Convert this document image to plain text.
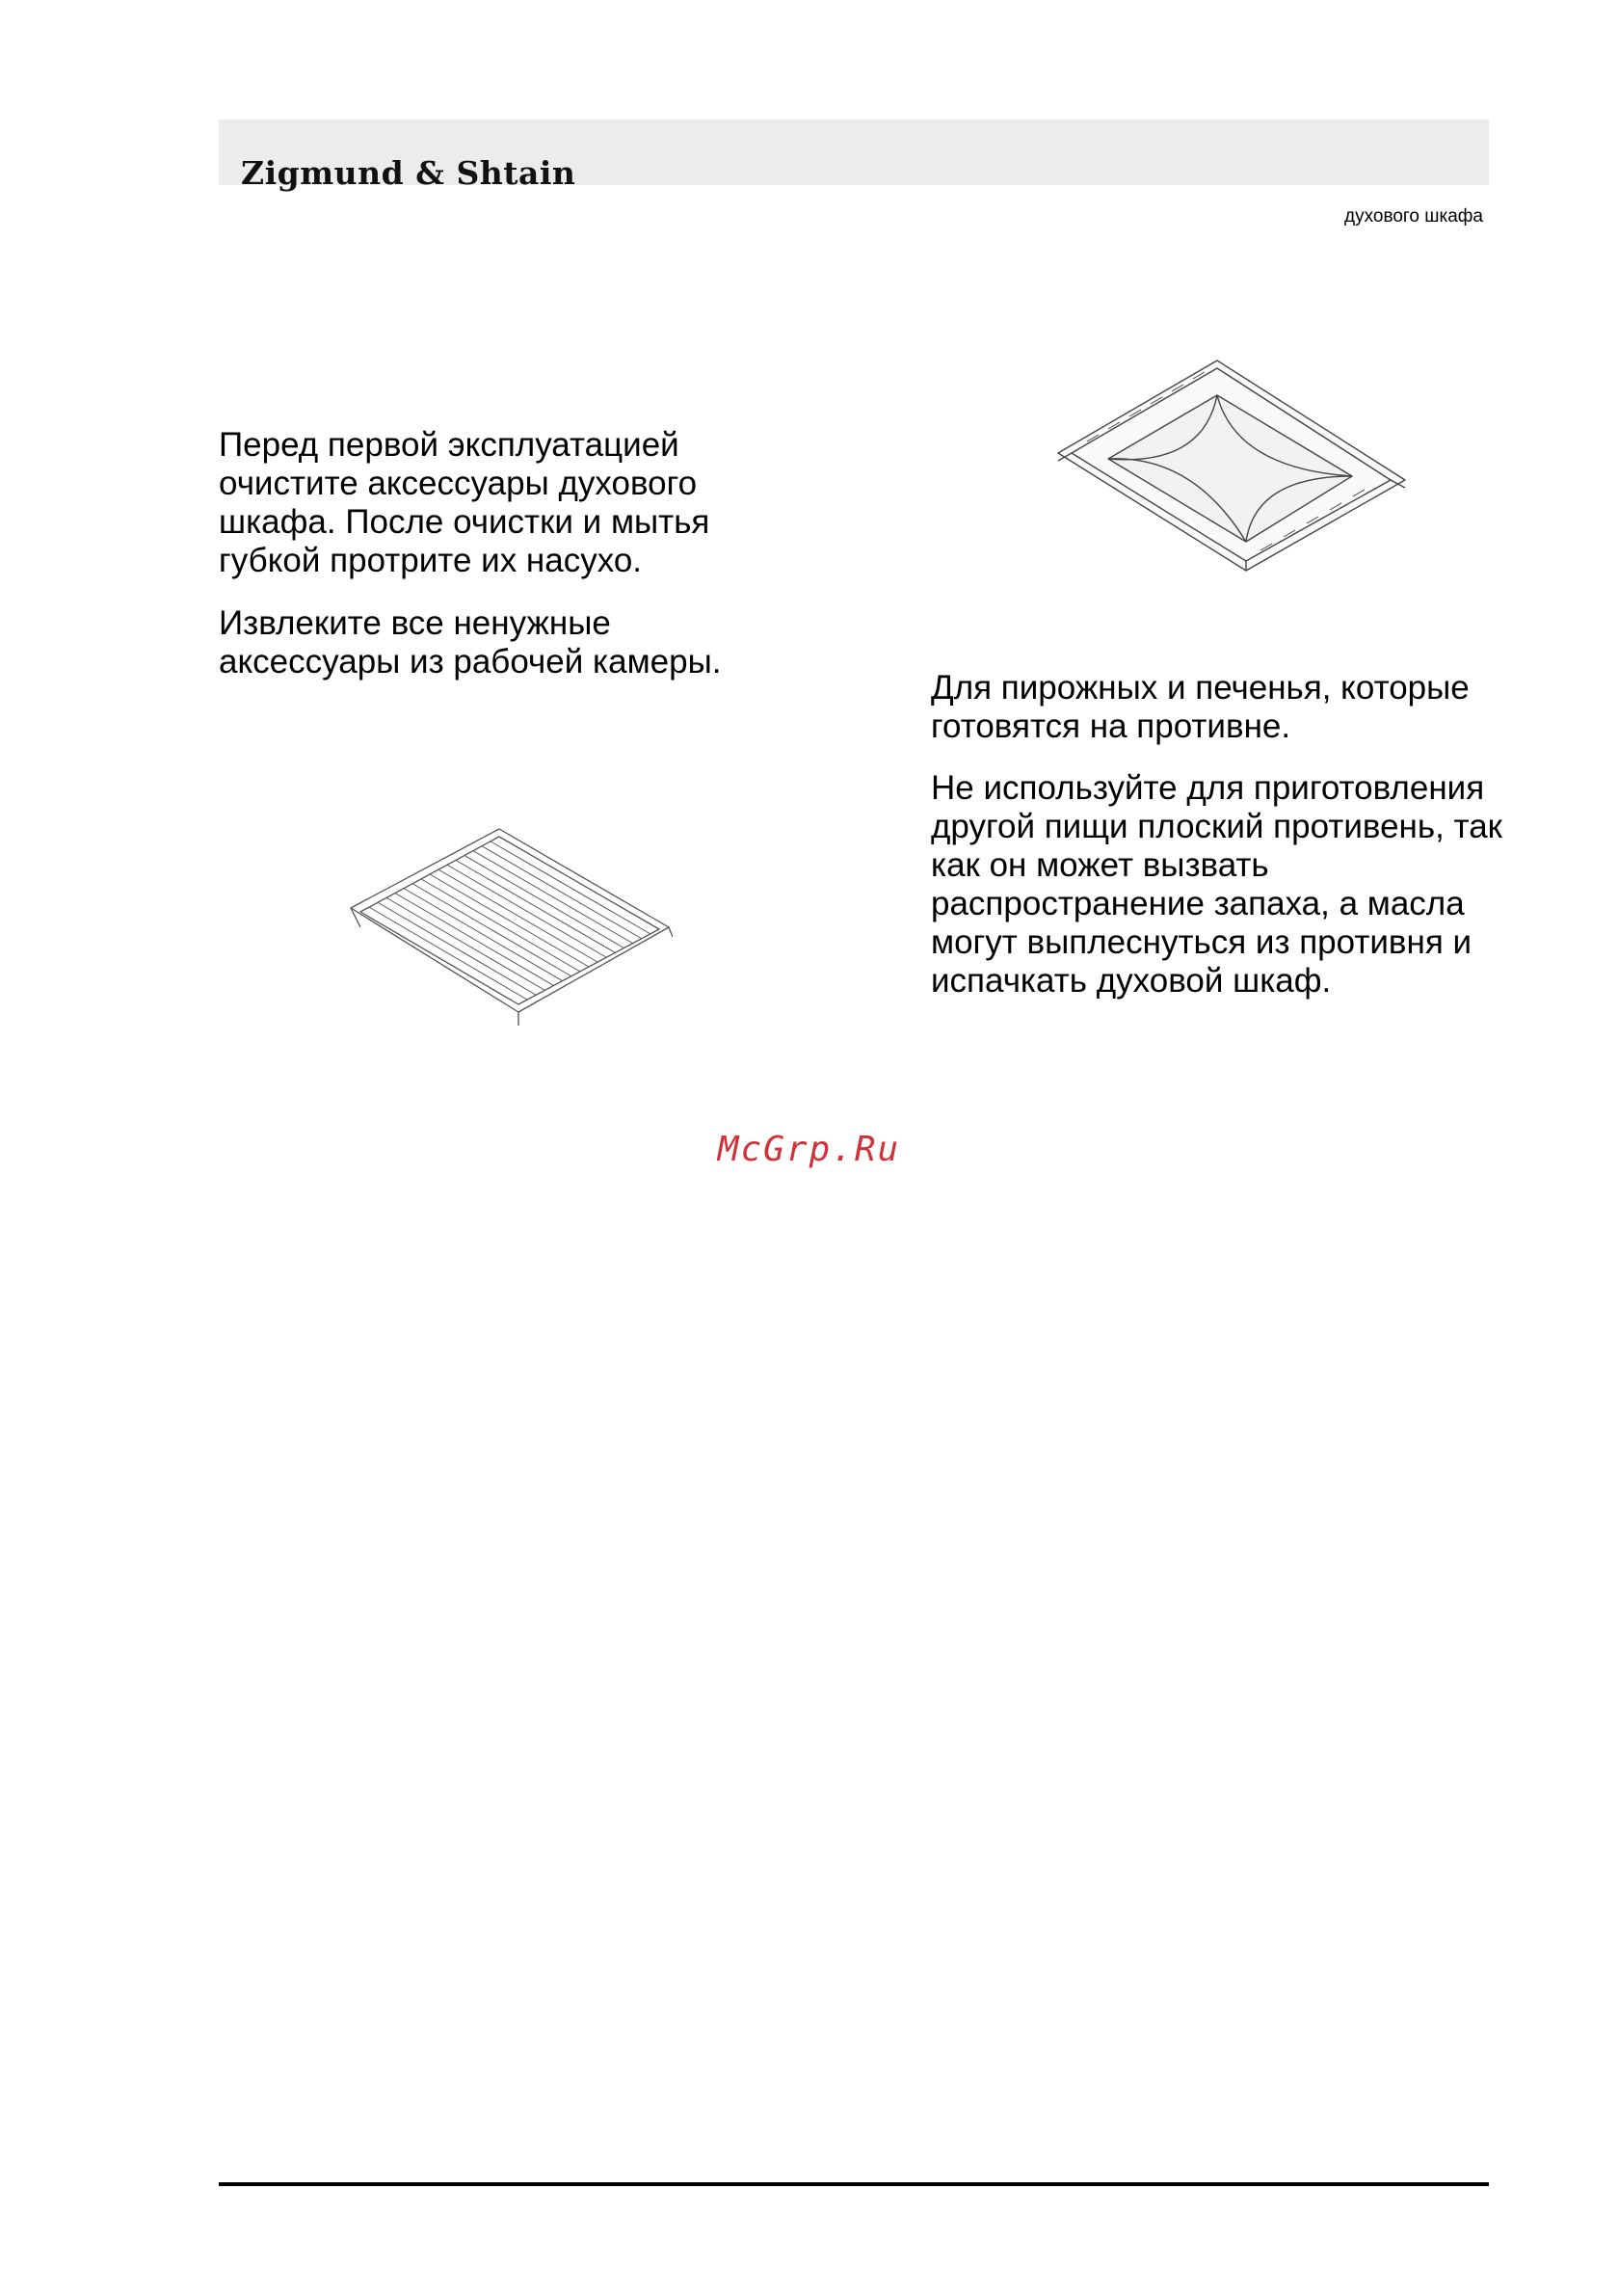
Zigmund & Shtain
духового шкафа

Перед первой эксплуатацией очистите аксессуары духового шкафа. После очистки и мытья губкой протрите их насухо.

Извлеките все ненужные аксессуары из рабочей камеры.

Для пирожных и печенья, которые готовятся на противне.

Не используйте для приготовления другой пищи плоский противень, так как он может вызвать распространение запаха, а масла могут выплеснуться из противня и испачкать духовой шкаф.

McGrp.Ru
